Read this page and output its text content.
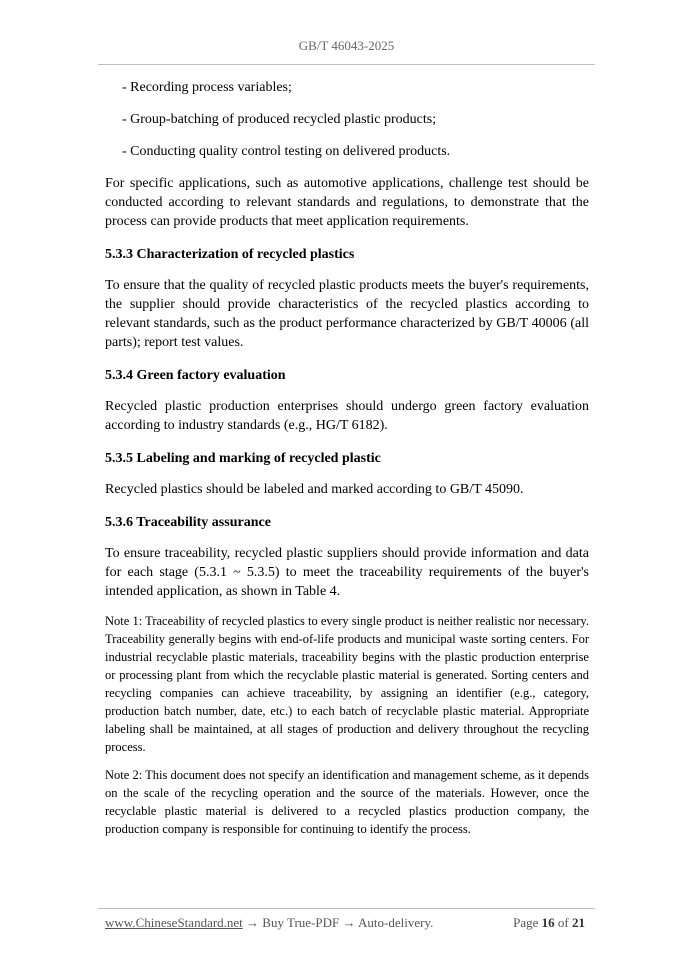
GB/T 46043-2025
- Recording process variables;
- Group-batching of produced recycled plastic products;
- Conducting quality control testing on delivered products.

For specific applications, such as automotive applications, challenge test should be conducted according to relevant standards and regulations, to demonstrate that the process can provide products that meet application requirements.

5.3.3 Characterization of recycled plastics

To ensure that the quality of recycled plastic products meets the buyer's requirements, the supplier should provide characteristics of the recycled plastics according to relevant standards, such as the product performance characterized by GB/T 40006 (all parts); report test values.

5.3.4 Green factory evaluation

Recycled plastic production enterprises should undergo green factory evaluation according to industry standards (e.g., HG/T 6182).

5.3.5 Labeling and marking of recycled plastic

Recycled plastics should be labeled and marked according to GB/T 45090.

5.3.6 Traceability assurance

To ensure traceability, recycled plastic suppliers should provide information and data for each stage (5.3.1 ~ 5.3.5) to meet the traceability requirements of the buyer's intended application, as shown in Table 4.

Note 1: Traceability of recycled plastics to every single product is neither realistic nor necessary. Traceability generally begins with end-of-life products and municipal waste sorting centers. For industrial recyclable plastic materials, traceability begins with the plastic production enterprise or processing plant from which the recyclable plastic material is generated. Sorting centers and recycling companies can achieve traceability, by assigning an identifier (e.g., category, production batch number, date, etc.) to each batch of recyclable plastic material. Appropriate labeling shall be maintained, at all stages of production and delivery throughout the recycling process.

Note 2: This document does not specify an identification and management scheme, as it depends on the scale of the recycling operation and the source of the materials. However, once the recyclable plastic material is delivered to a recycled plastics production company, the production company is responsible for continuing to identify the process.

www.ChineseStandard.net → Buy True-PDF → Auto-delivery.	Page 16 of 21
